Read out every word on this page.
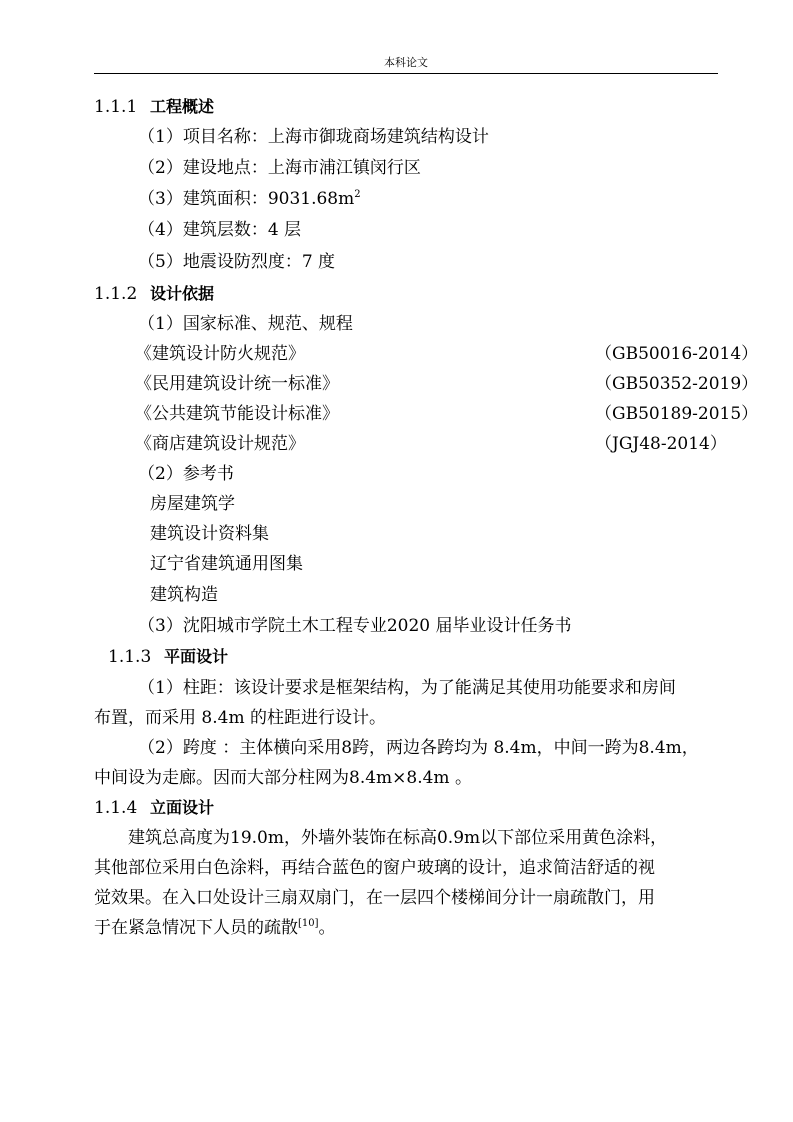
本科论文
1.1.1 工程概述
（1）项目名称：上海市御珑商场建筑结构设计
（2）建设地点：上海市浦江镇闵行区
（3）建筑面积：$9031.68m^2$
（4）建筑层数：4 层
（5）地震设防烈度：7 度
1.1.2 设计依据
（1）国家标准、规范、规程
《建筑设计防火规范》	（GB50016-2014）
《民用建筑设计统一标准》	（GB50352-2019）
《公共建筑节能设计标准》	（GB50189-2015）
《商店建筑设计规范》	（JGJ48-2014）
（2）参考书
房屋建筑学
建筑设计资料集
辽宁省建筑通用图集
建筑构造
（3）沈阳城市学院土木工程专业2020 届毕业设计任务书
1.1.3 平面设计
（1）柱距：该设计要求是框架结构，为了能满足其使用功能要求和房间
布置，而采用 8.4m 的柱距进行设计。
（2）跨度 ：主体横向采用8跨，两边各跨均为 8.4m，中间一跨为8.4m，
中间设为走廊。因而大部分柱网为8.4m×8.4m 。
1.1.4 立面设计
建筑总高度为19.0m，外墙外装饰在标高0.9m以下部位采用黄色涂料，
其他部位采用白色涂料，再结合蓝色的窗户玻璃的设计，追求简洁舒适的视
觉效果。在入口处设计三扇双扇门，在一层四个楼梯间分计一扇疏散门，用
于在紧急情况下人员的疏散[10]。
